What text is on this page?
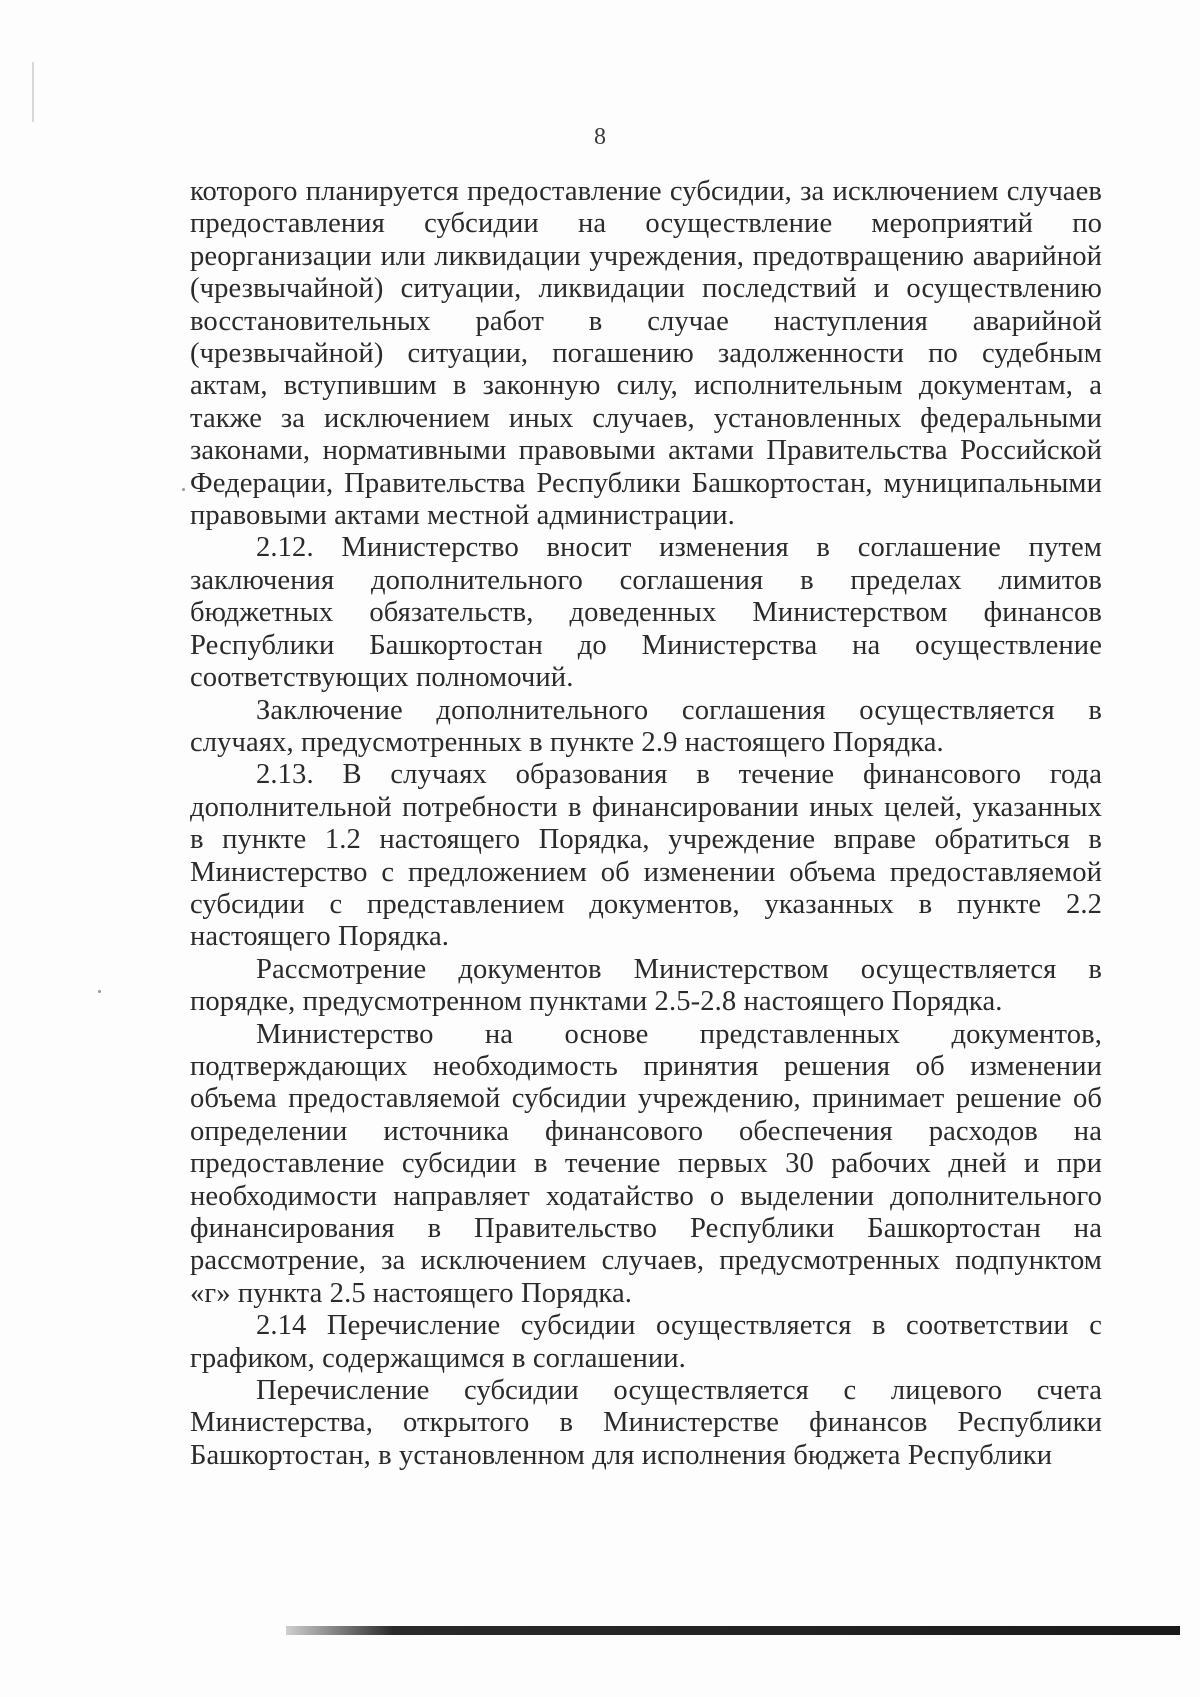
8

которого планируется предоставление субсидии, за исключением случаев предоставления субсидии на осуществление мероприятий по реорганизации или ликвидации учреждения, предотвращению аварийной (чрезвычайной) ситуации, ликвидации последствий и осуществлению восстановительных работ в случае наступления аварийной (чрезвычайной) ситуации, погашению задолженности по судебным актам, вступившим в законную силу, исполнительным документам, а также за исключением иных случаев, установленных федеральными законами, нормативными правовыми актами Правительства Российской Федерации, Правительства Республики Башкортостан, муниципальными правовыми актами местной администрации.

2.12. Министерство вносит изменения в соглашение путем заключения дополнительного соглашения в пределах лимитов бюджетных обязательств, доведенных Министерством финансов Республики Башкортостан до Министерства на осуществление соответствующих полномочий.

Заключение дополнительного соглашения осуществляется в случаях, предусмотренных в пункте 2.9 настоящего Порядка.

2.13. В случаях образования в течение финансового года дополнительной потребности в финансировании иных целей, указанных в пункте 1.2 настоящего Порядка, учреждение вправе обратиться в Министерство с предложением об изменении объема предоставляемой субсидии с представлением документов, указанных в пункте 2.2 настоящего Порядка.

Рассмотрение документов Министерством осуществляется в порядке, предусмотренном пунктами 2.5-2.8 настоящего Порядка.

Министерство на основе представленных документов, подтверждающих необходимость принятия решения об изменении объема предоставляемой субсидии учреждению, принимает решение об определении источника финансового обеспечения расходов на предоставление субсидии в течение первых 30 рабочих дней и при необходимости направляет ходатайство о выделении дополнительного финансирования в Правительство Республики Башкортостан на рассмотрение, за исключением случаев, предусмотренных подпунктом «г» пункта 2.5 настоящего Порядка.

2.14 Перечисление субсидии осуществляется в соответствии с графиком, содержащимся в соглашении.

Перечисление субсидии осуществляется с лицевого счета Министерства, открытого в Министерстве финансов Республики Башкортостан, в установленном для исполнения бюджета Республики
